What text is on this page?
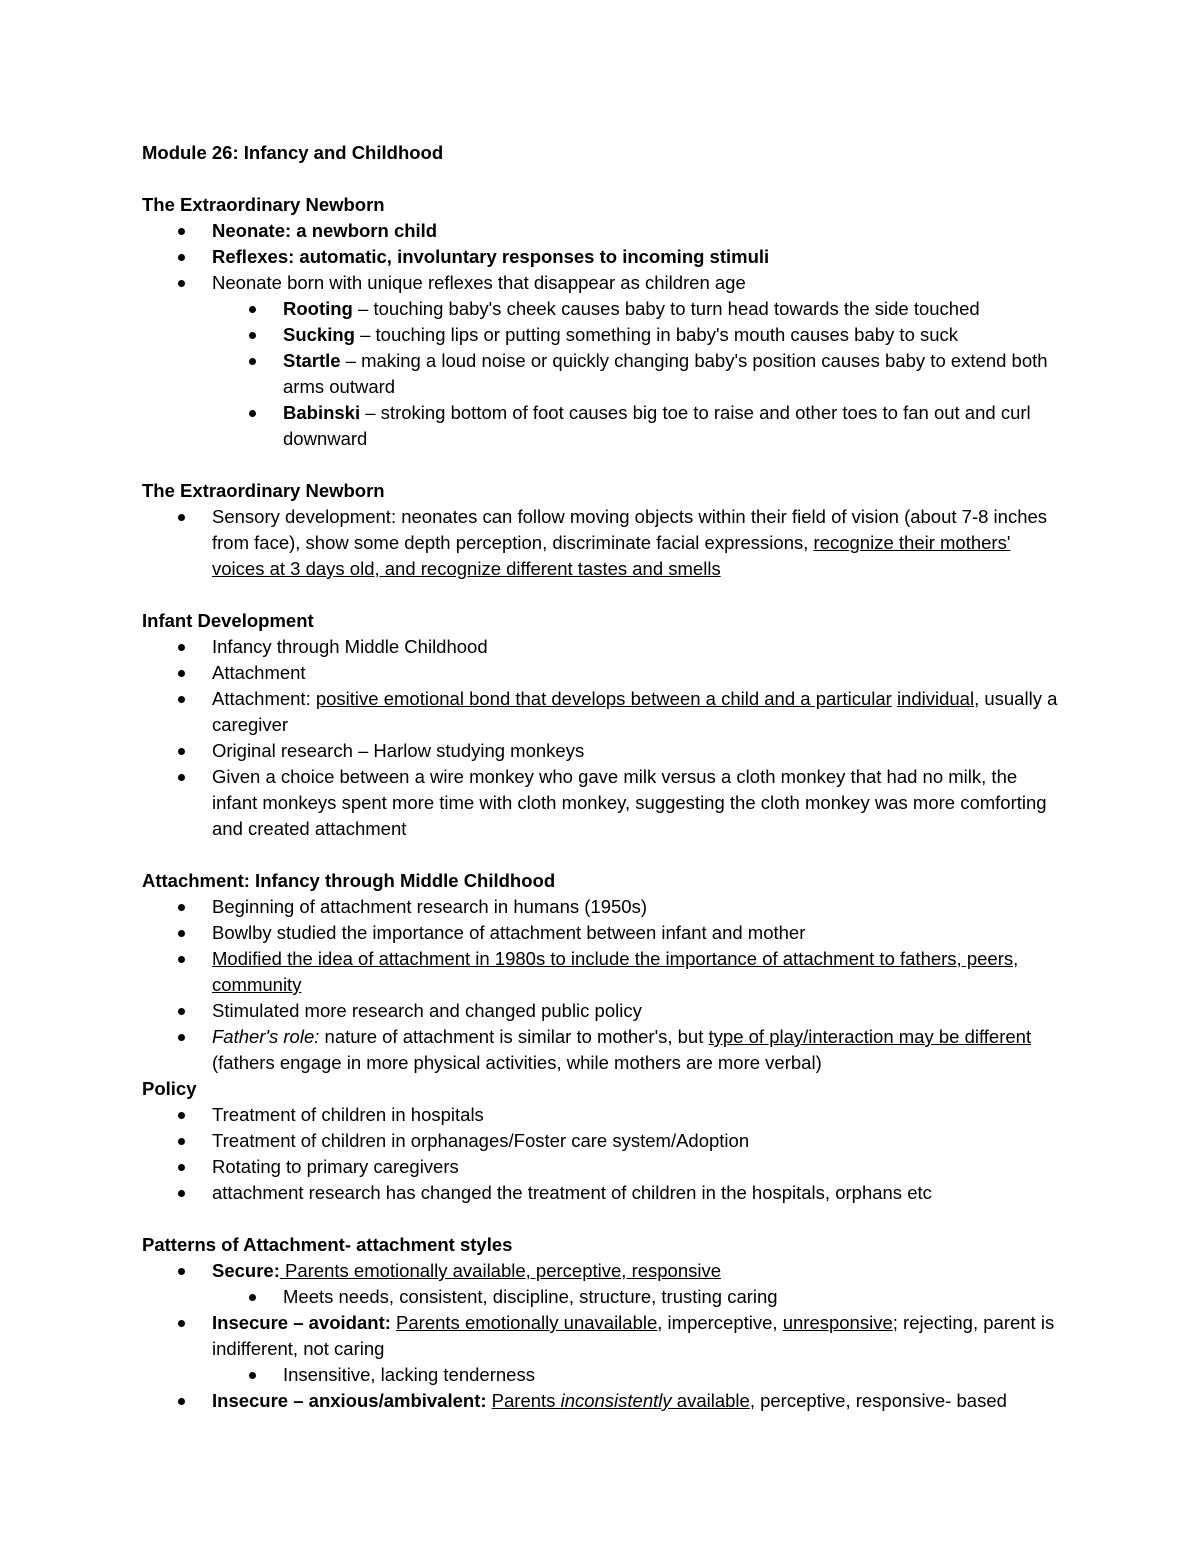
Module 26: Infancy and Childhood

The Extraordinary Newborn

Neonate: a newborn child
Reflexes: automatic, involuntary responses to incoming stimuli
Neonate born with unique reflexes that disappear as children age
Rooting – touching baby's cheek causes baby to turn head towards the side touched
Sucking – touching lips or putting something in baby's mouth causes baby to suck
Startle – making a loud noise or quickly changing baby's position causes baby to extend both arms outward
Babinski – stroking bottom of foot causes big toe to raise and other toes to fan out and curl downward

The Extraordinary Newborn

Sensory development: neonates can follow moving objects within their field of vision (about 7-8 inches from face), show some depth perception, discriminate facial expressions, recognize their mothers' voices at 3 days old, and recognize different tastes and smells

Infant Development

Infancy through Middle Childhood
Attachment
Attachment: positive emotional bond that develops between a child and a particular individual, usually a caregiver
Original research – Harlow studying monkeys
Given a choice between a wire monkey who gave milk versus a cloth monkey that had no milk, the infant monkeys spent more time with cloth monkey, suggesting the cloth monkey was more comforting and created attachment

Attachment: Infancy through Middle Childhood

Beginning of attachment research in humans (1950s)
Bowlby studied the importance of attachment between infant and mother
Modified the idea of attachment in 1980s to include the importance of attachment to fathers, peers, community
Stimulated more research and changed public policy
Father's role: nature of attachment is similar to mother's, but type of play/interaction may be different (fathers engage in more physical activities, while mothers are more verbal)

Policy

Treatment of children in hospitals
Treatment of children in orphanages/Foster care system/Adoption
Rotating to primary caregivers
attachment research has changed the treatment of children in the hospitals, orphans etc

Patterns of Attachment- attachment styles

Secure: Parents emotionally available, perceptive, responsive
Meets needs, consistent, discipline, structure, trusting caring
Insecure – avoidant: Parents emotionally unavailable, imperceptive, unresponsive; rejecting, parent is indifferent, not caring
Insensitive, lacking tenderness
Insecure – anxious/ambivalent: Parents inconsistently available, perceptive, responsive- based
